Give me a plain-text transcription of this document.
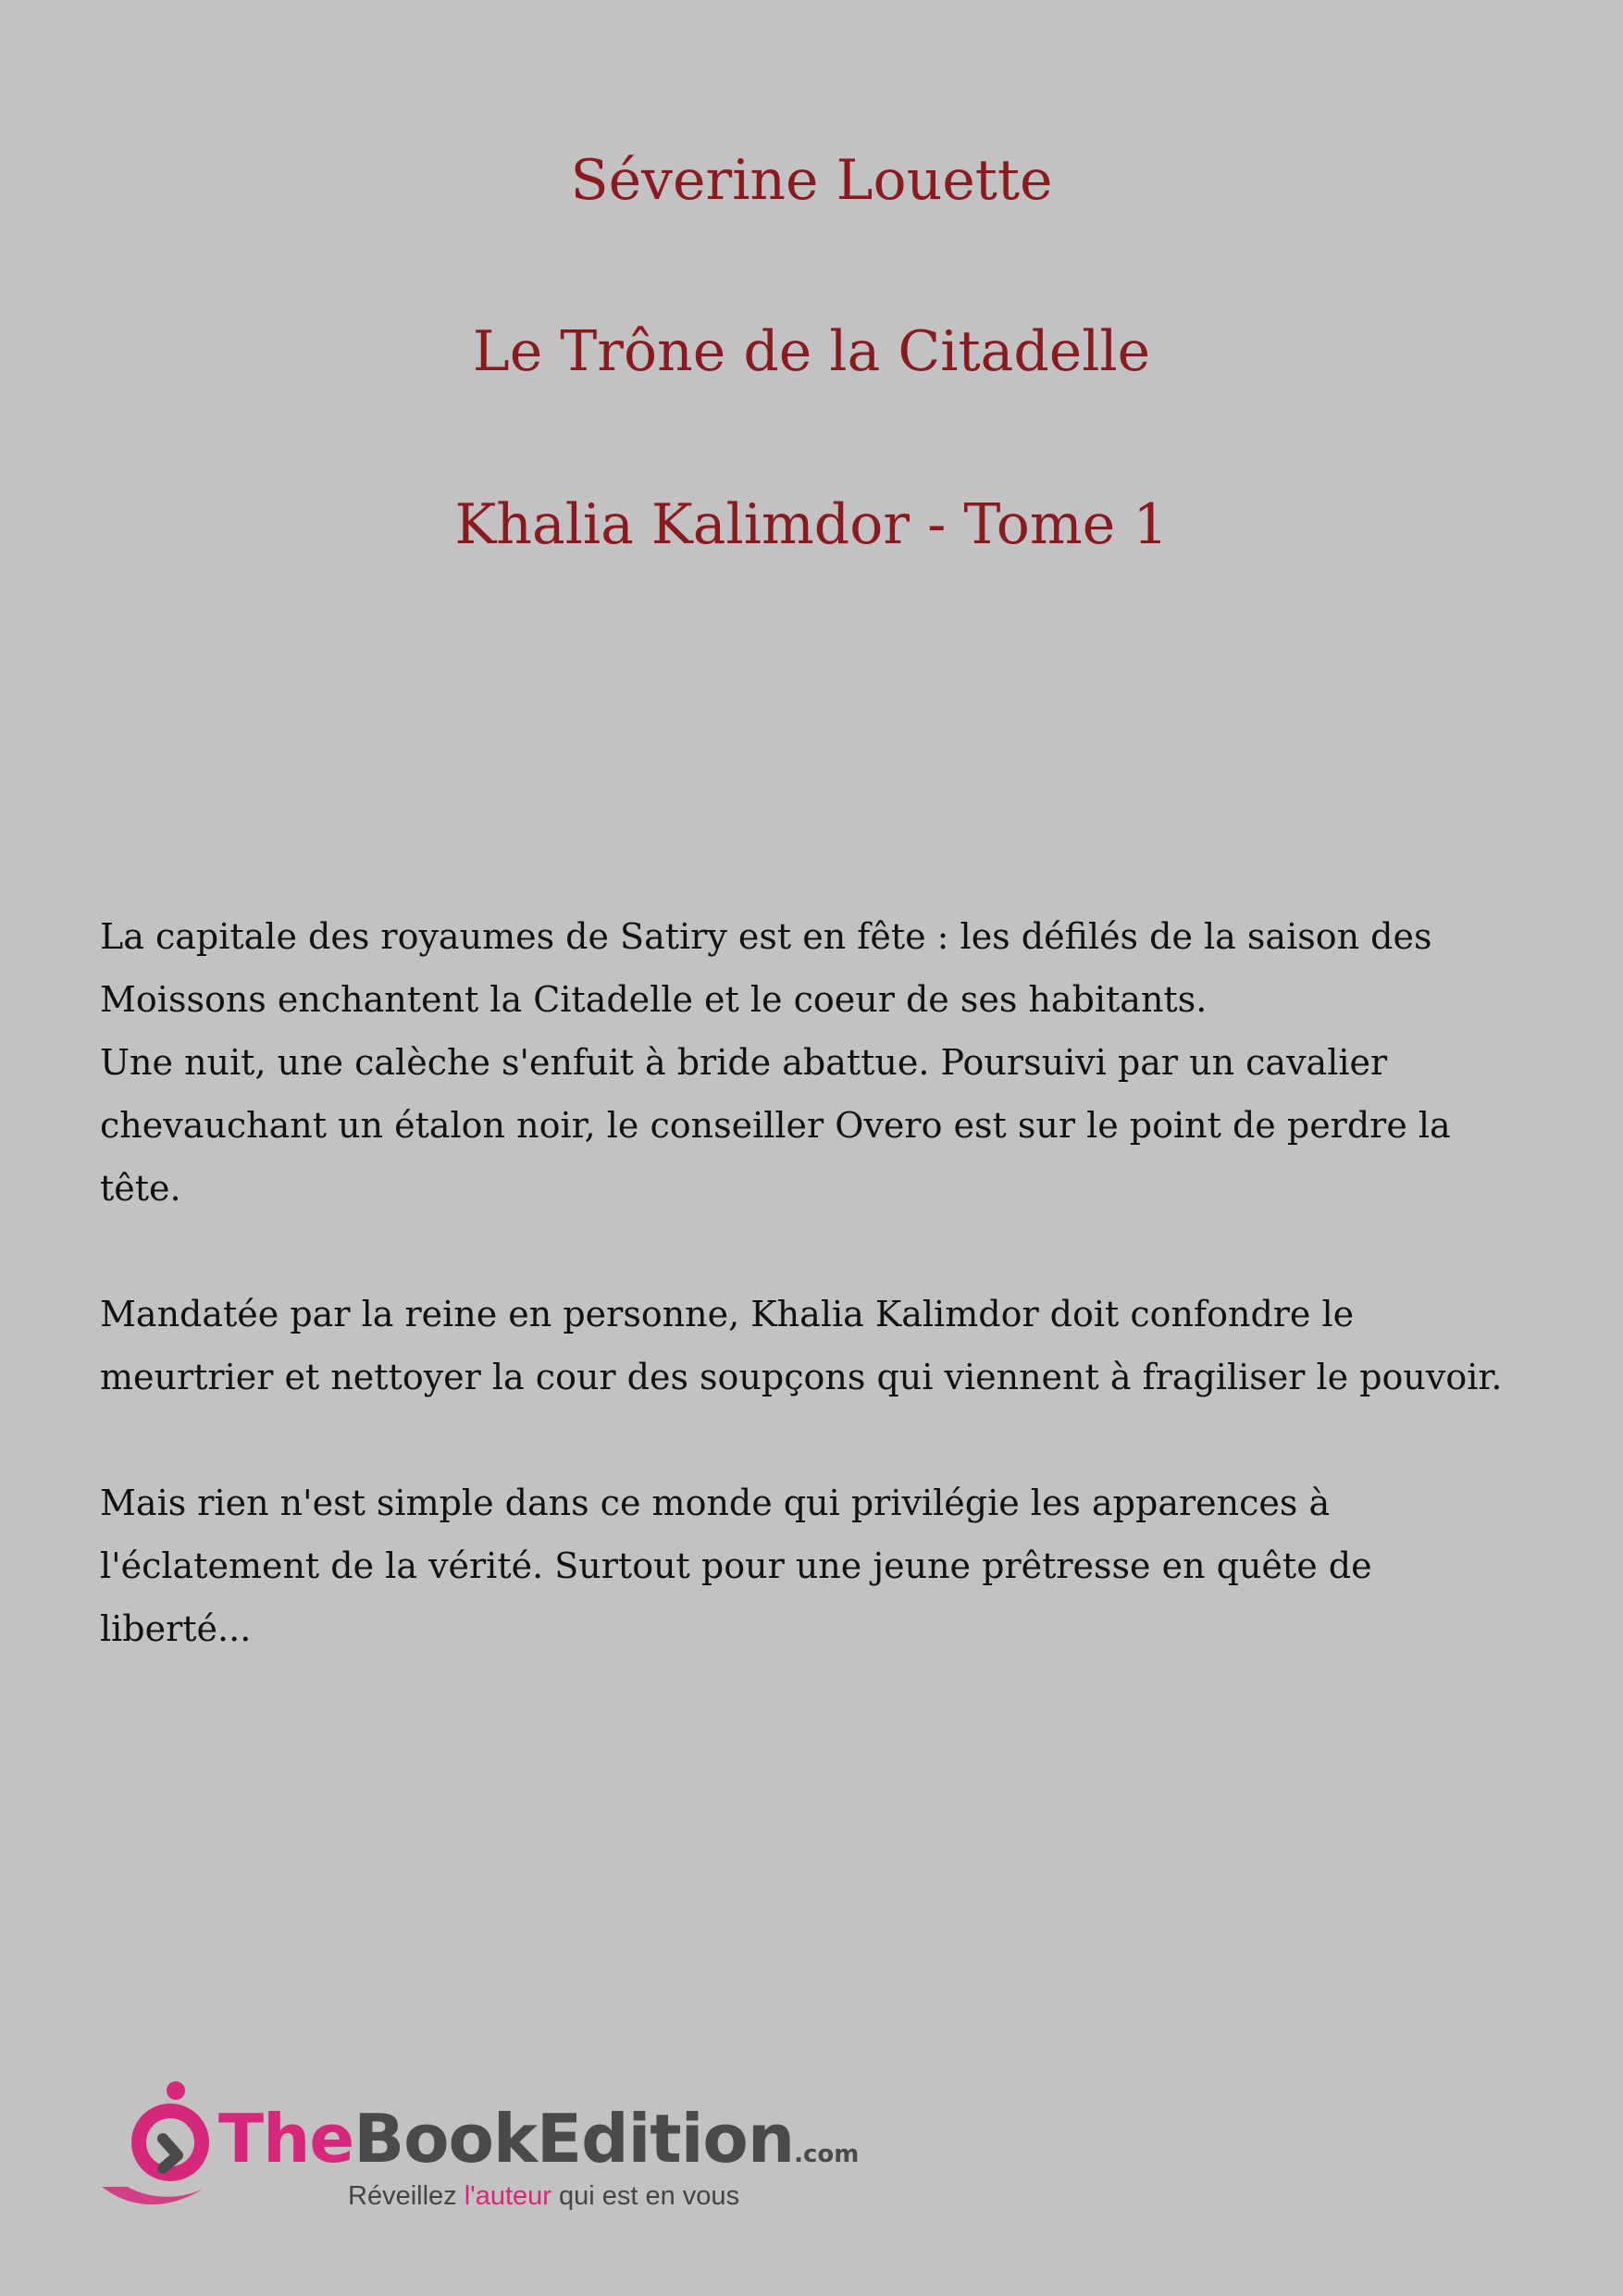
Séverine Louette
Le Trône de la Citadelle
Khalia Kalimdor - Tome 1

La capitale des royaumes de Satiry est en fête : les défilés de la saison des
Moissons enchantent la Citadelle et le coeur de ses habitants.
Une nuit, une calèche s'enfuit à bride abattue. Poursuivi par un cavalier
chevauchant un étalon noir, le conseiller Overo est sur le point de perdre la
tête.

Mandatée par la reine en personne, Khalia Kalimdor doit confondre le
meurtrier et nettoyer la cour des soupçons qui viennent à fragiliser le pouvoir.

Mais rien n'est simple dans ce monde qui privilégie les apparences à
l'éclatement de la vérité. Surtout pour une jeune prêtresse en quête de
liberté...

TheBookEdition.com
Réveillez l'auteur qui est en vous
